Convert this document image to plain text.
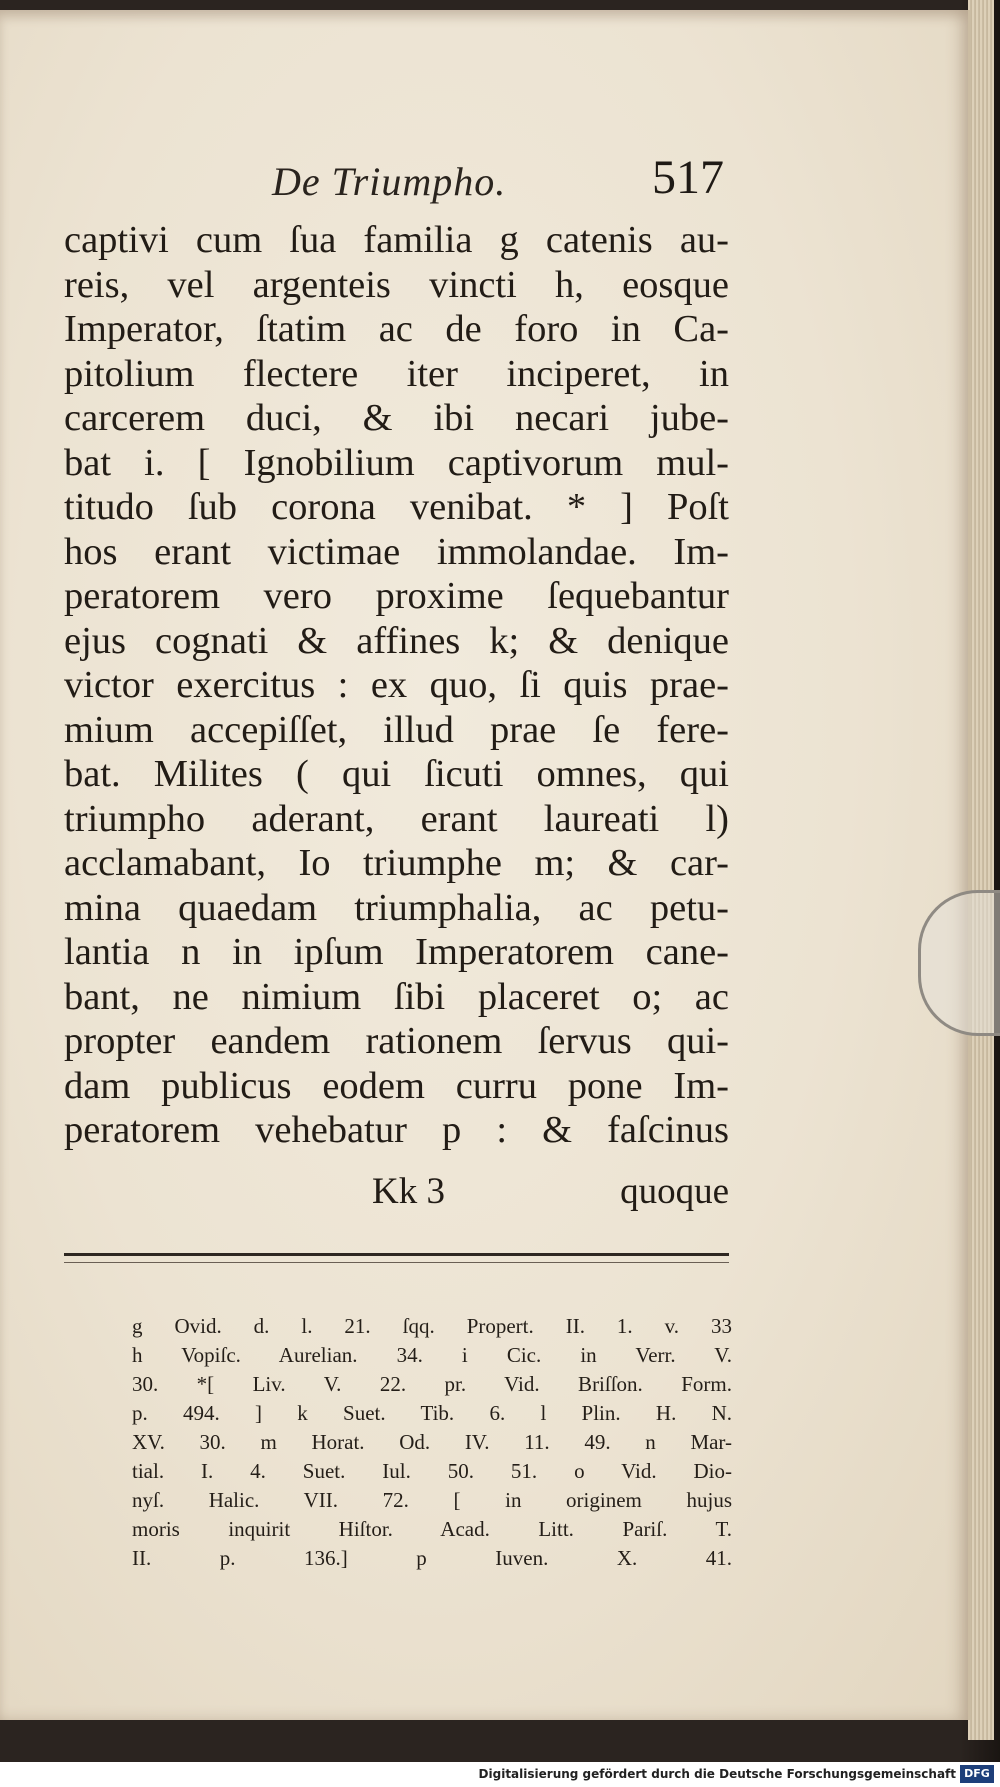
De Triumpho.	517
captivi cum ſua familia g catenis au-
reis, vel argenteis vincti h, eosque
Imperator, ſtatim ac de foro in Ca-
pitolium flectere iter inciperet, in
carcerem duci, & ibi necari jube-
bat i. [ Ignobilium captivorum mul-
titudo ſub corona venibat. * ] Poſt
hos erant victimae immolandae. Im-
peratorem vero proxime ſequebantur
ejus cognati & affines k; & denique
victor exercitus : ex quo, ſi quis prae-
mium accepiſſet, illud prae ſe fere-
bat. Milites ( qui ſicuti omnes, qui
triumpho aderant, erant laureati l)
acclamabant, Io triumphe m; & car-
mina quaedam triumphalia, ac petu-
lantia n in ipſum Imperatorem cane-
bant, ne nimium ſibi placeret o; ac
propter eandem rationem ſervus qui-
dam publicus eodem curru pone Im-
peratorem vehebatur p : & faſcinus
Kk 3	quoque
g Ovid. d. l. 21. ſqq. Propert. II. 1. v. 33
h Vopiſc. Aurelian. 34. i Cic. in Verr. V.
30. *[ Liv. V. 22. pr. Vid. Briſſon. Form.
p. 494. ] k Suet. Tib. 6. l Plin. H. N.
XV. 30. m Horat. Od. IV. 11. 49. n Mar-
tial. I. 4. Suet. Iul. 50. 51. o Vid. Dio-
nyſ. Halic. VII. 72. [ in originem hujus
moris inquirit Hiſtor. Acad. Litt. Pariſ. T.
II. p. 136.] p Iuven. X. 41.
Digitalisierung gefördert durch die Deutsche Forschungsgemeinschaft DFG
